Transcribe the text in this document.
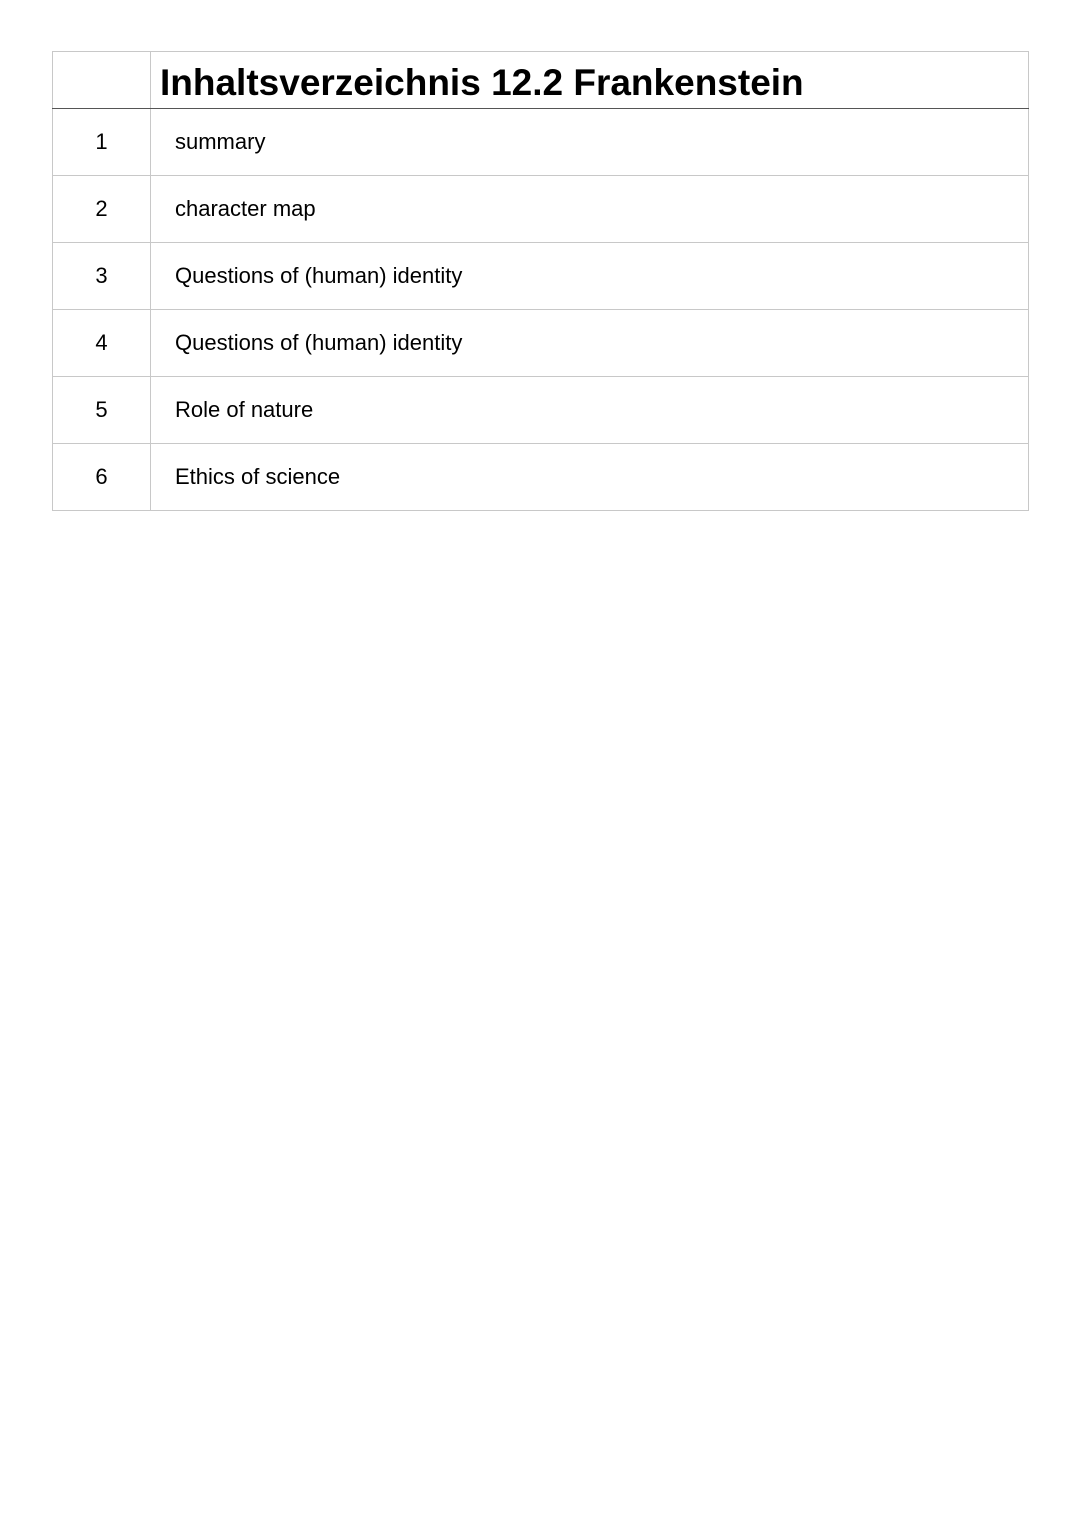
	Inhaltsverzeichnis 12.2 Frankenstein
1	summary
2	character map
3	Questions of (human) identity
4	Questions of (human) identity
5	Role of nature
6	Ethics of science
